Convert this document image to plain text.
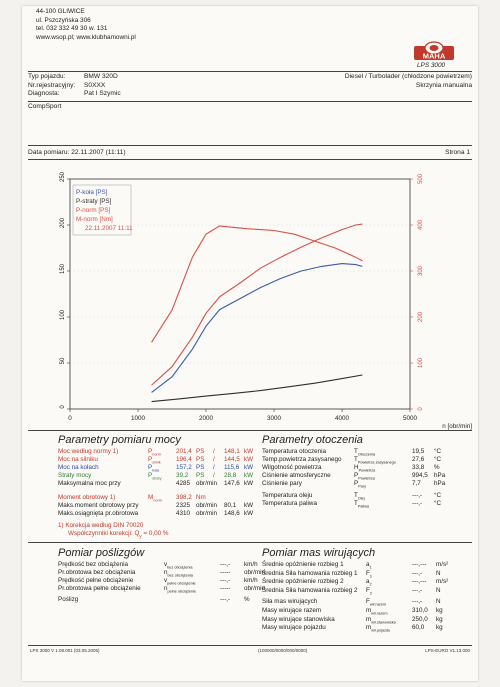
44-100 GLIWICE
ul. Pszczyńska 306
tel. 032 332 49 30 w. 131
www.wsop.pl; www.klubhamowni.pl
MAHA
LPS 3000
Typ pojazdu:	BMW 320D
Nr.rejestracyjny: S0XXX
Diagnosta:	Pat I Szymic
Diesel / Turbolader (chłodzone powietrzem)
Skrzynia manualna
CompSport
Data pomiaru: 22.11.2007 (11:11)	Strona 1
0
50
100
150
200
250
0
100
200
300
400
500
0	1000	2000	3000	4000	5000
n [obr/min]
P-koła [PS]
P-straty [PS]
P-norm [PS]
M-norm [Nm]
22.11.2007 11:11
Parametry pomiaru mocy
Moc według normy 1)	$P_{norm}$ 201,4 PS / 148,1 kW
Moc na silniku	$P_{silnik}$ 196,4 PS / 144,5 kW
Moc na kołach	$P_{koła}$	157,2 PS / 115,6 kW
Straty mocy	$P_{straty}$ 39,2 PS / 28,8 kW
Maksymalna moc przy	4285 obr/min 147,6 kW
Moment obrotowy 1)	$M_{norm}$ 398,2 Nm
Maks.moment obrotowy przy	2325 obr/min 80,1 kW
Maks.osiągnięta pr.obrotowa	4310 obr/min 148,6 kW
1) Korekcja według DIN 70020
Współczynniki korekcji: $Q_y = 0,00$ %
Parametry otoczenia
Temperatura otoczenia	$T_{Otoczenia}$	19,5 °C
Temp.powietrza zasysanego $T_{Powietrza zasysanego}$	27,6 °C
Wilgotność powietrza	$H_{Powietrza}$	33,8 %
Ciśnienie atmosferyczne	$P_{Powietrza}$	994,5 hPa
Ciśnienie pary	$P_{Pary}$	7,7 hPa
Temperatura oleju	$T_{Olej}$	---,- °C
Temperatura paliwa	$T_{Paliwa}$	---,- °C
Pomiar poślizgów
Prędkość bez obciążenia	$v_{bez obciążenia}$	---,- km/h
Pr.obrotowa bez obciążenia	$n_{bez obciążenia}$	----- obr/min
Prędkość pełne obciążenie	$v_{pełne obciążenie}$	---,- km/h
Pr.obrotowa pełne obciążenie	$n_{pełne obciążenie}$	----- obr/min
Poślizg	---,- %
Pomiar mas wirujących
Średnie opóźnienie rozbieg 1	$a_1$	---,--- m/s²
Średnia Siła hamowania rozbieg 1 $F_1$	---,- N
Średnie opóźnienie rozbieg 2	$a_2$	---,--- m/s²
Średnia Siła hamowania rozbieg 2 $F_2$	---,- N
Siła mas wirujących	$F_{wir.razem}$	---,- N
Masy wirujące razem	$m_{wir.razem}$	310,0 kg
Masy wirujące stanowiska	$m_{wir.stanowiska}$	250,0 kg
Masy wirujące pojazdu	$m_{wir.pojazdu}$	60,0 kg
LPS 3000 V 1.09.001 (03.05.2005)	(100000/0000/000/0000)	LPS-EURO V1.13.000
